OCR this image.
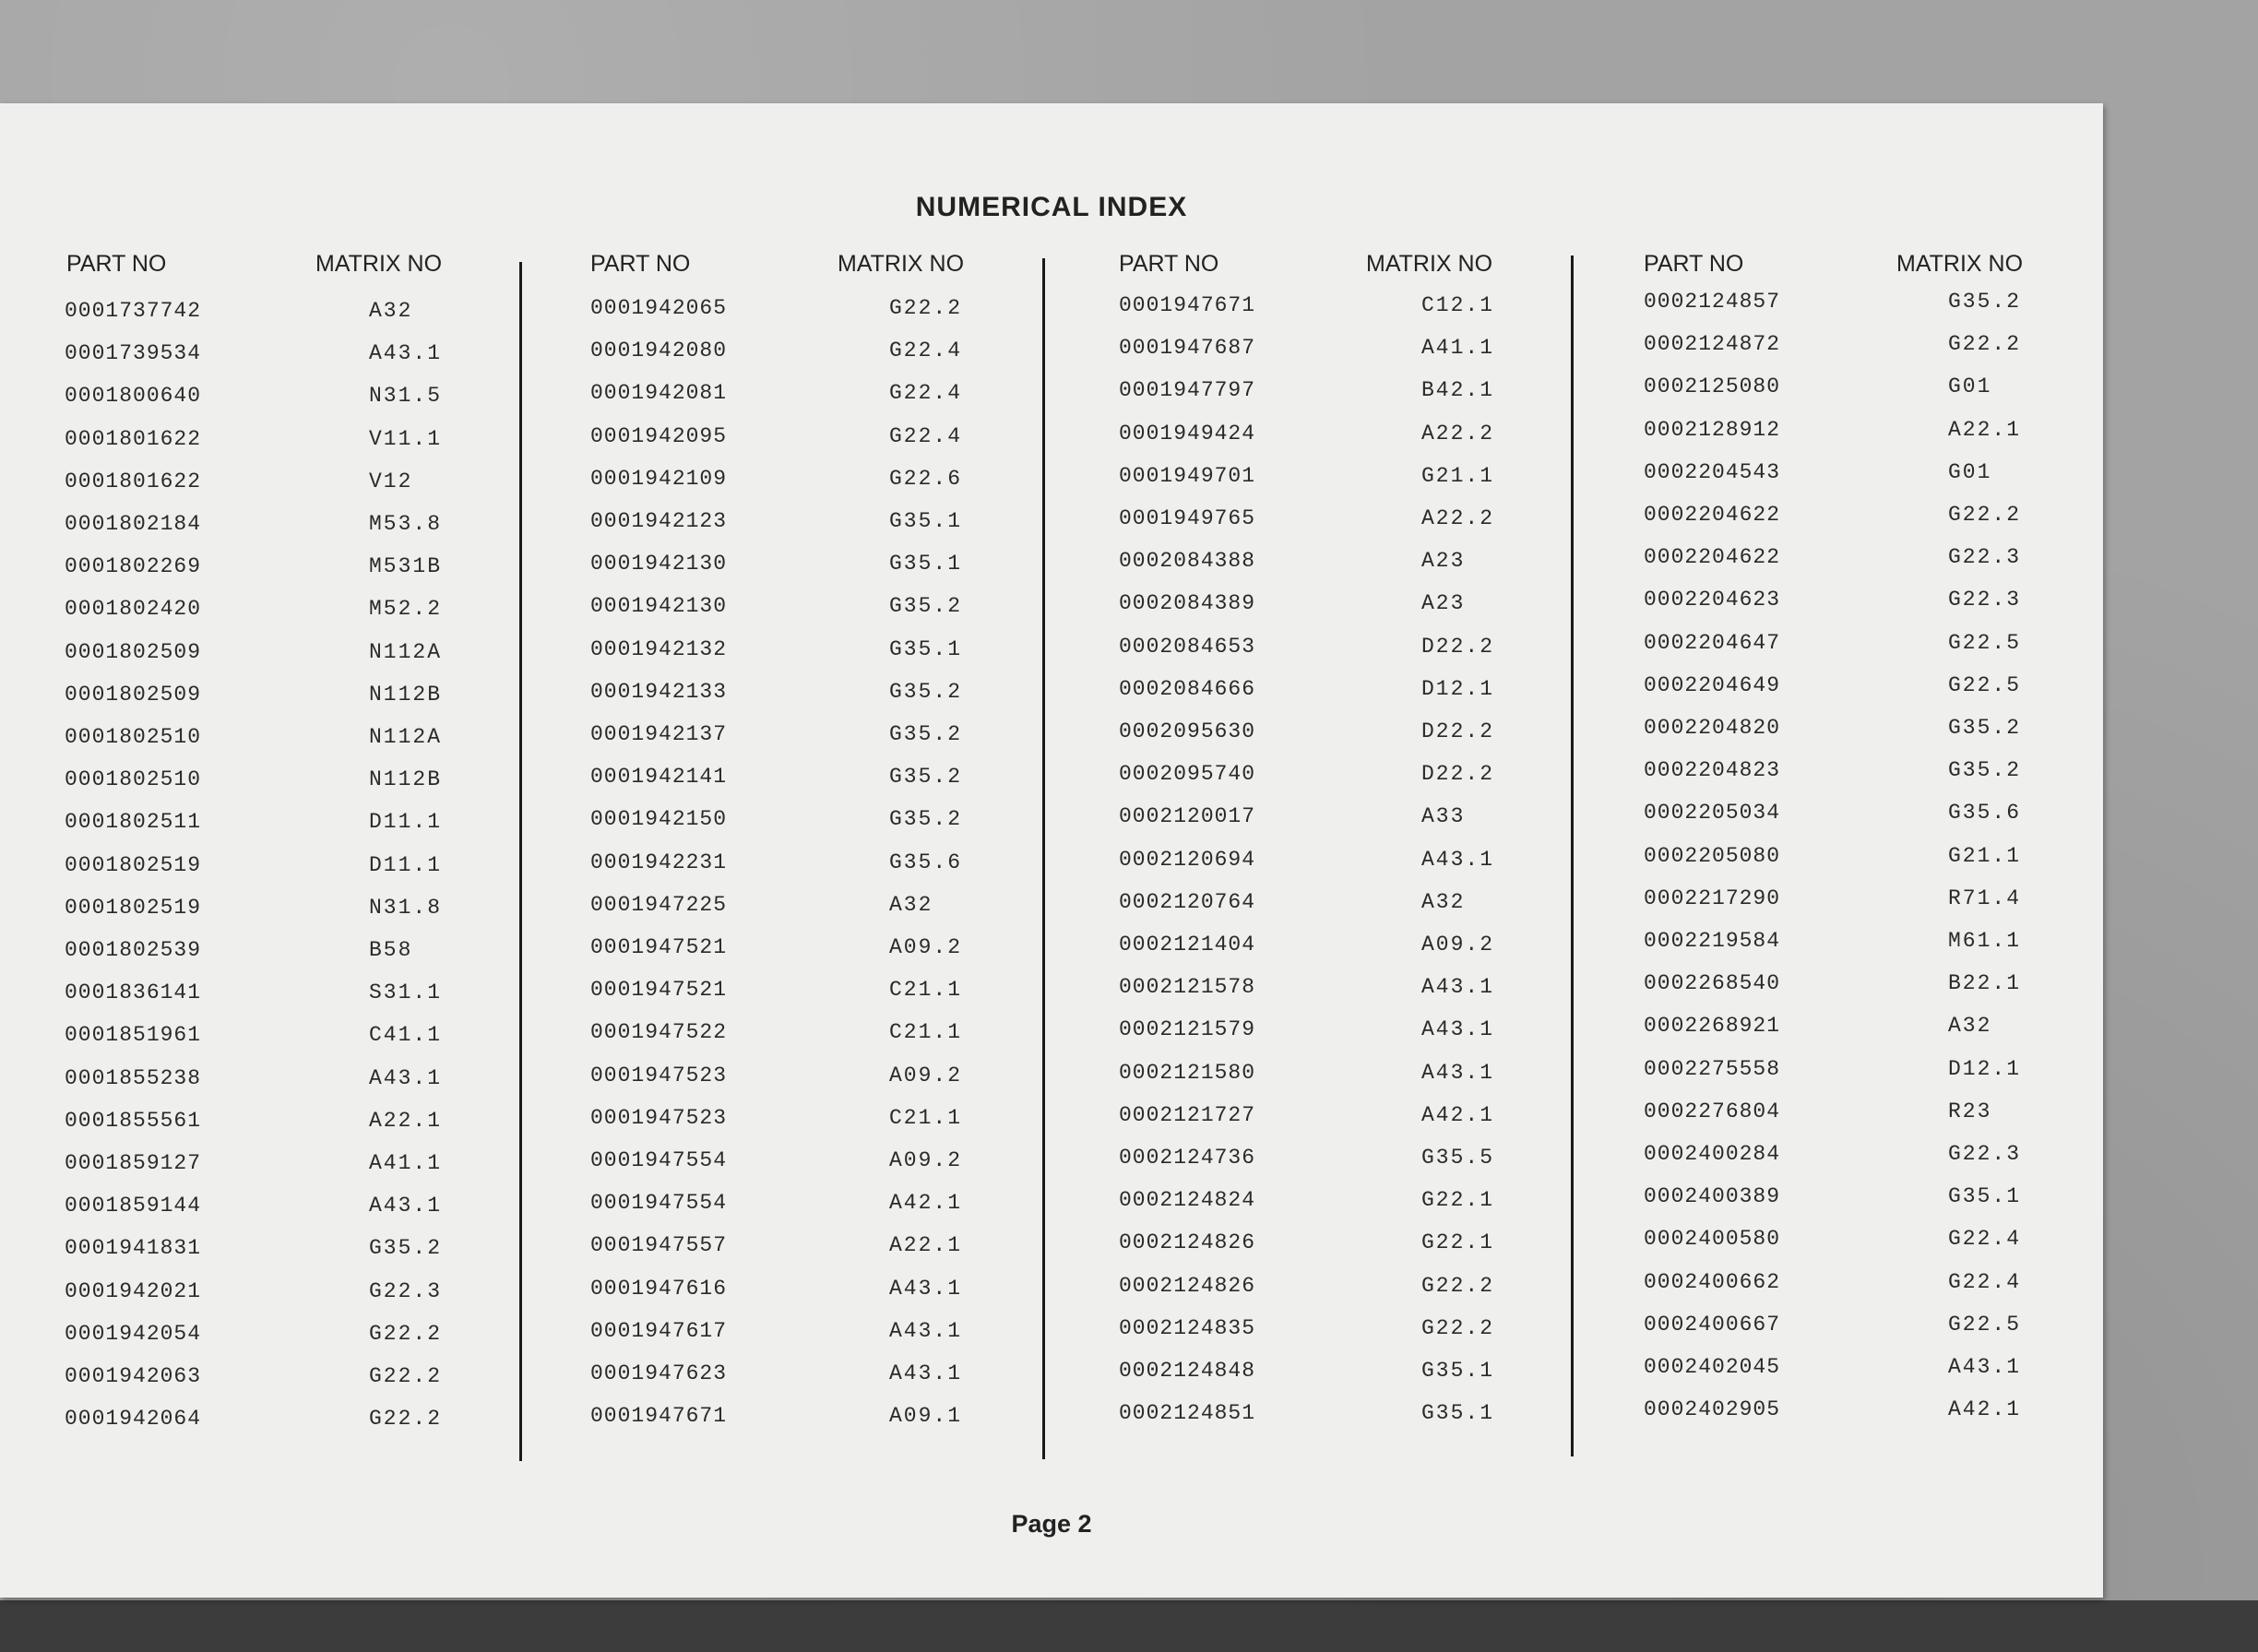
NUMERICAL INDEX
PART NO	MATRIX NO
0001737742	A32
0001739534	A43.1
0001800640	N31.5
0001801622	V11.1
0001801622	V12
0001802184	M53.8
0001802269	M531B
0001802420	M52.2
0001802509	N112A
0001802509	N112B
0001802510	N112A
0001802510	N112B
0001802511	D11.1
0001802519	D11.1
0001802519	N31.8
0001802539	B58
0001836141	S31.1
0001851961	C41.1
0001855238	A43.1
0001855561	A22.1
0001859127	A41.1
0001859144	A43.1
0001941831	G35.2
0001942021	G22.3
0001942054	G22.2
0001942063	G22.2
0001942064	G22.2
PART NO	MATRIX NO
0001942065	G22.2
0001942080	G22.4
0001942081	G22.4
0001942095	G22.4
0001942109	G22.6
0001942123	G35.1
0001942130	G35.1
0001942130	G35.2
0001942132	G35.1
0001942133	G35.2
0001942137	G35.2
0001942141	G35.2
0001942150	G35.2
0001942231	G35.6
0001947225	A32
0001947521	A09.2
0001947521	C21.1
0001947522	C21.1
0001947523	A09.2
0001947523	C21.1
0001947554	A09.2
0001947554	A42.1
0001947557	A22.1
0001947616	A43.1
0001947617	A43.1
0001947623	A43.1
0001947671	A09.1
PART NO	MATRIX NO
0001947671	C12.1
0001947687	A41.1
0001947797	B42.1
0001949424	A22.2
0001949701	G21.1
0001949765	A22.2
0002084388	A23
0002084389	A23
0002084653	D22.2
0002084666	D12.1
0002095630	D22.2
0002095740	D22.2
0002120017	A33
0002120694	A43.1
0002120764	A32
0002121404	A09.2
0002121578	A43.1
0002121579	A43.1
0002121580	A43.1
0002121727	A42.1
0002124736	G35.5
0002124824	G22.1
0002124826	G22.1
0002124826	G22.2
0002124835	G22.2
0002124848	G35.1
0002124851	G35.1
PART NO	MATRIX NO
0002124857	G35.2
0002124872	G22.2
0002125080	G01
0002128912	A22.1
0002204543	G01
0002204622	G22.2
0002204622	G22.3
0002204623	G22.3
0002204647	G22.5
0002204649	G22.5
0002204820	G35.2
0002204823	G35.2
0002205034	G35.6
0002205080	G21.1
0002217290	R71.4
0002219584	M61.1
0002268540	B22.1
0002268921	A32
0002275558	D12.1
0002276804	R23
0002400284	G22.3
0002400389	G35.1
0002400580	G22.4
0002400662	G22.4
0002400667	G22.5
0002402045	A43.1
0002402905	A42.1
Page 2
